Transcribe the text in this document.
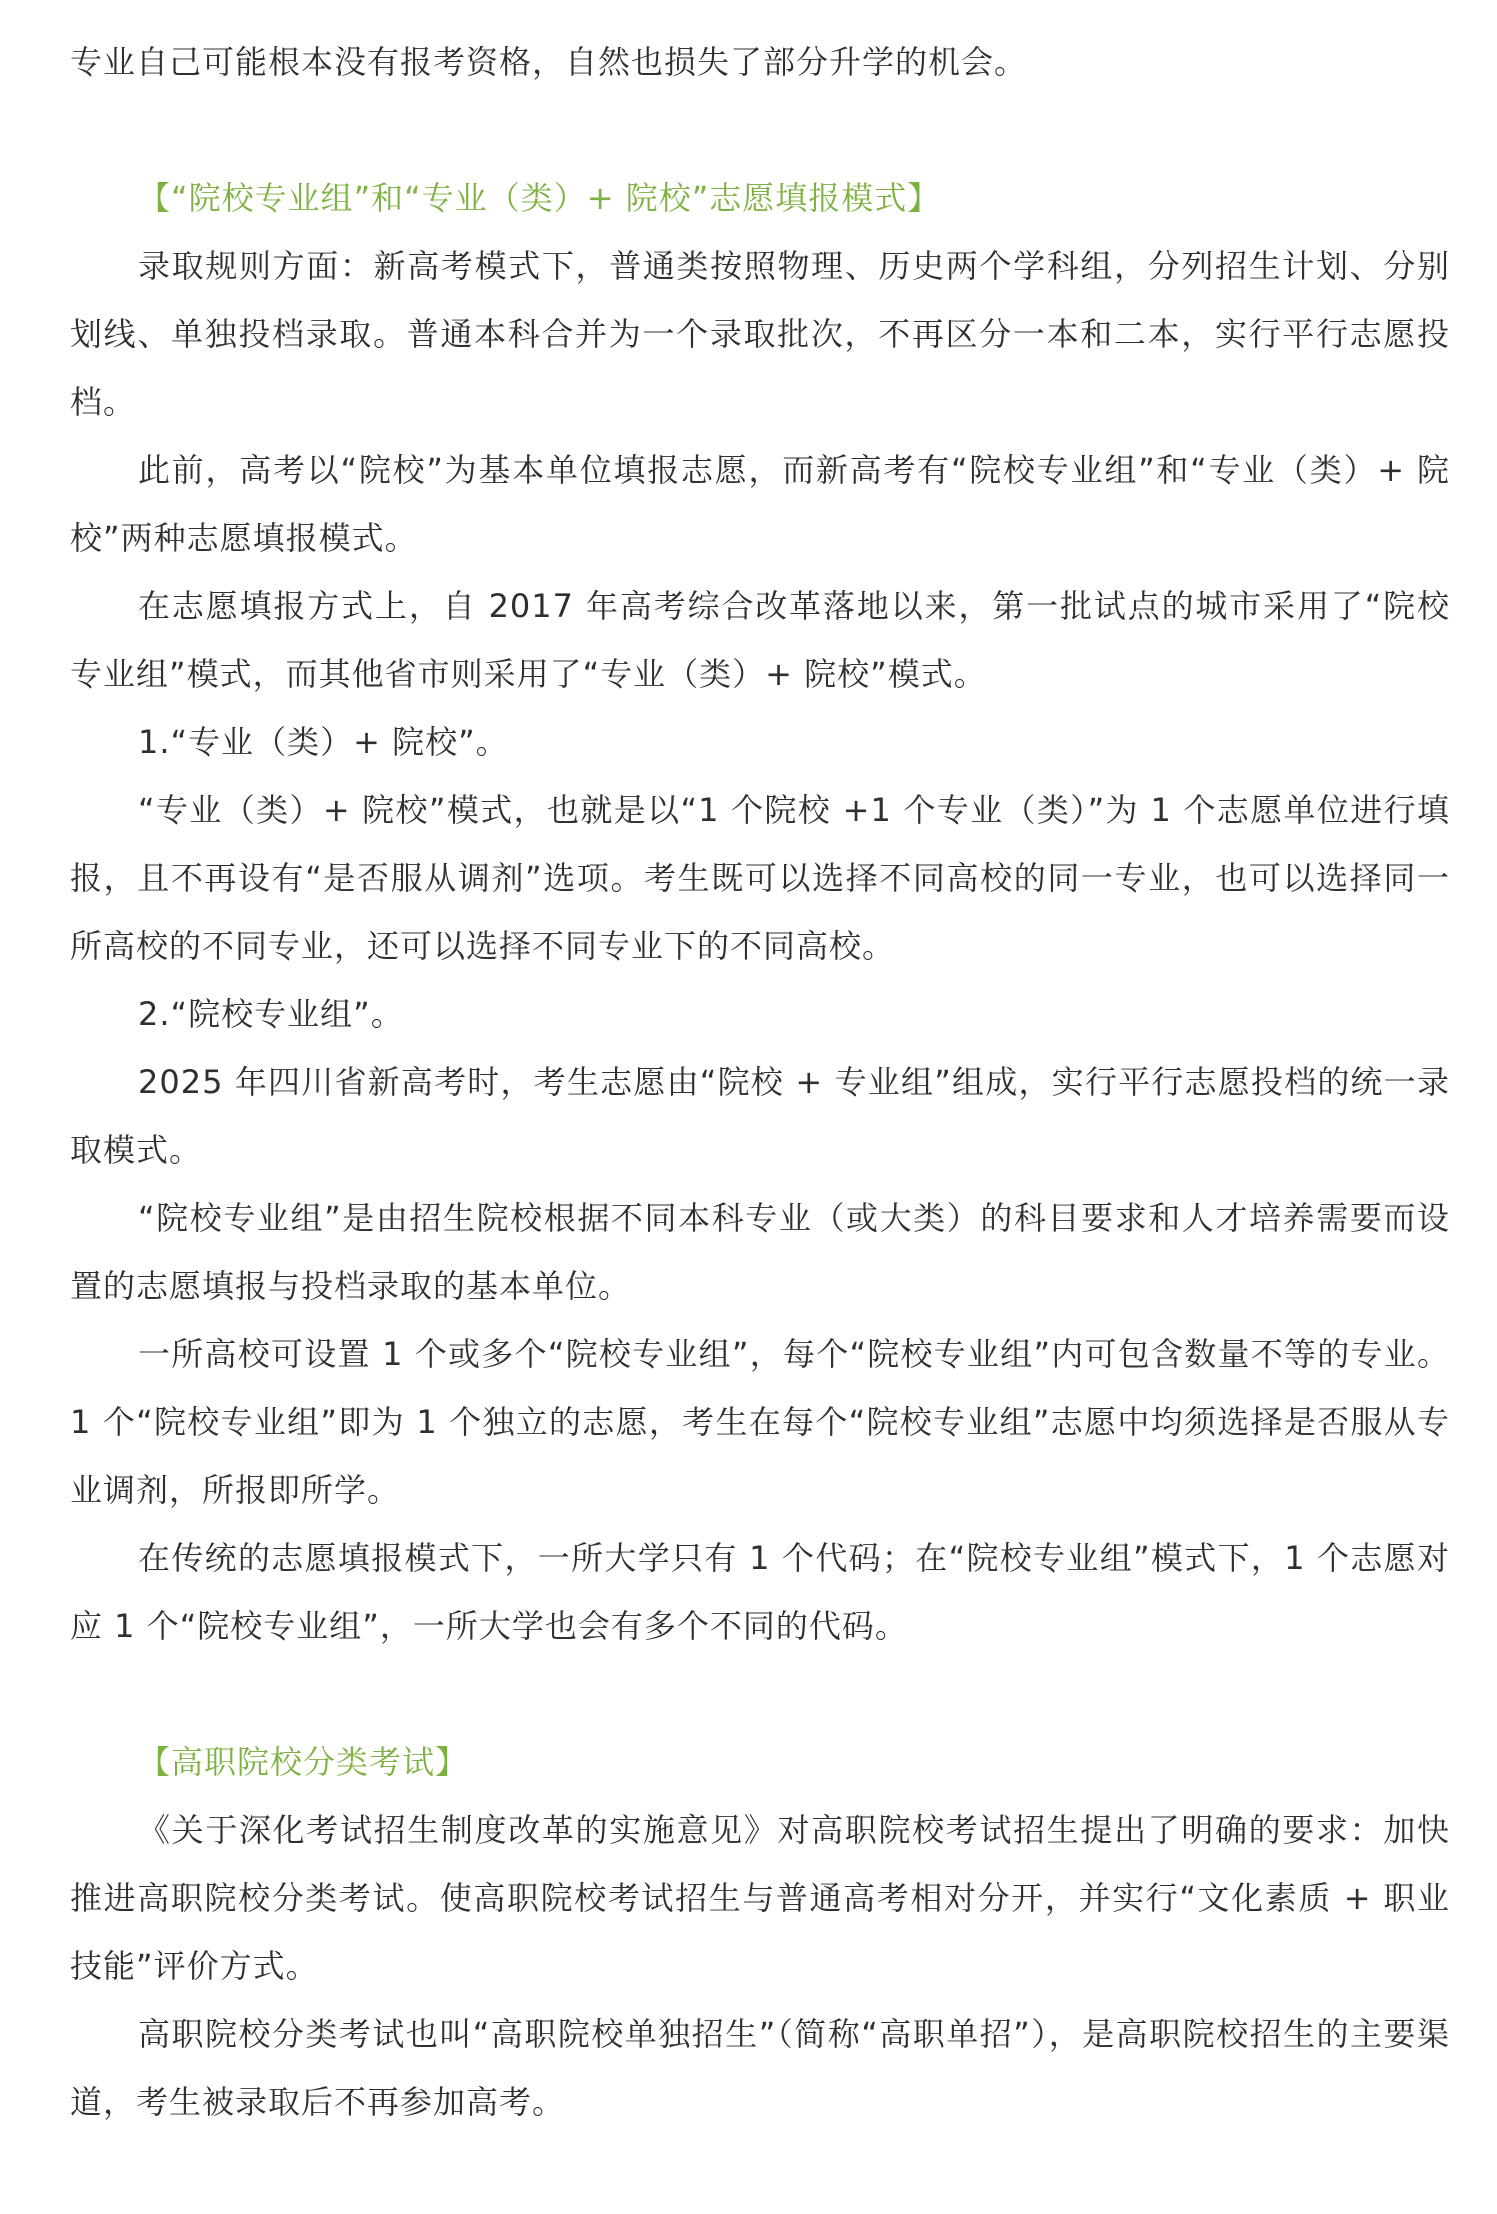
专业自己可能根本没有报考资格，自然也损失了部分升学的机会。

【“院校专业组”和“专业（类）+ 院校”志愿填报模式】

录取规则方面：新高考模式下，普通类按照物理、历史两个学科组，分列招生计划、分别划线、单独投档录取。普通本科合并为一个录取批次，不再区分一本和二本，实行平行志愿投档。

此前，高考以“院校”为基本单位填报志愿，而新高考有“院校专业组”和“专业（类）+ 院校”两种志愿填报模式。

在志愿填报方式上，自 2017 年高考综合改革落地以来，第一批试点的城市采用了“院校专业组”模式，而其他省市则采用了“专业（类）+ 院校”模式。

1.“专业（类）+ 院校”。

“专业（类）+ 院校”模式，也就是以“1 个院校 +1 个专业（类）”为 1 个志愿单位进行填报，且不再设有“是否服从调剂”选项。考生既可以选择不同高校的同一专业，也可以选择同一所高校的不同专业，还可以选择不同专业下的不同高校。

2.“院校专业组”。

2025 年四川省新高考时，考生志愿由“院校 + 专业组”组成，实行平行志愿投档的统一录取模式。

“院校专业组”是由招生院校根据不同本科专业（或大类）的科目要求和人才培养需要而设置的志愿填报与投档录取的基本单位。

一所高校可设置 1 个或多个“院校专业组”，每个“院校专业组”内可包含数量不等的专业。1 个“院校专业组”即为 1 个独立的志愿，考生在每个“院校专业组”志愿中均须选择是否服从专业调剂，所报即所学。

在传统的志愿填报模式下，一所大学只有 1 个代码；在“院校专业组”模式下，1 个志愿对应 1 个“院校专业组”，一所大学也会有多个不同的代码。

【高职院校分类考试】

《关于深化考试招生制度改革的实施意见》对高职院校考试招生提出了明确的要求：加快推进高职院校分类考试。使高职院校考试招生与普通高考相对分开，并实行“文化素质 + 职业技能”评价方式。

高职院校分类考试也叫“高职院校单独招生”（简称“高职单招”），是高职院校招生的主要渠道，考生被录取后不再参加高考。
